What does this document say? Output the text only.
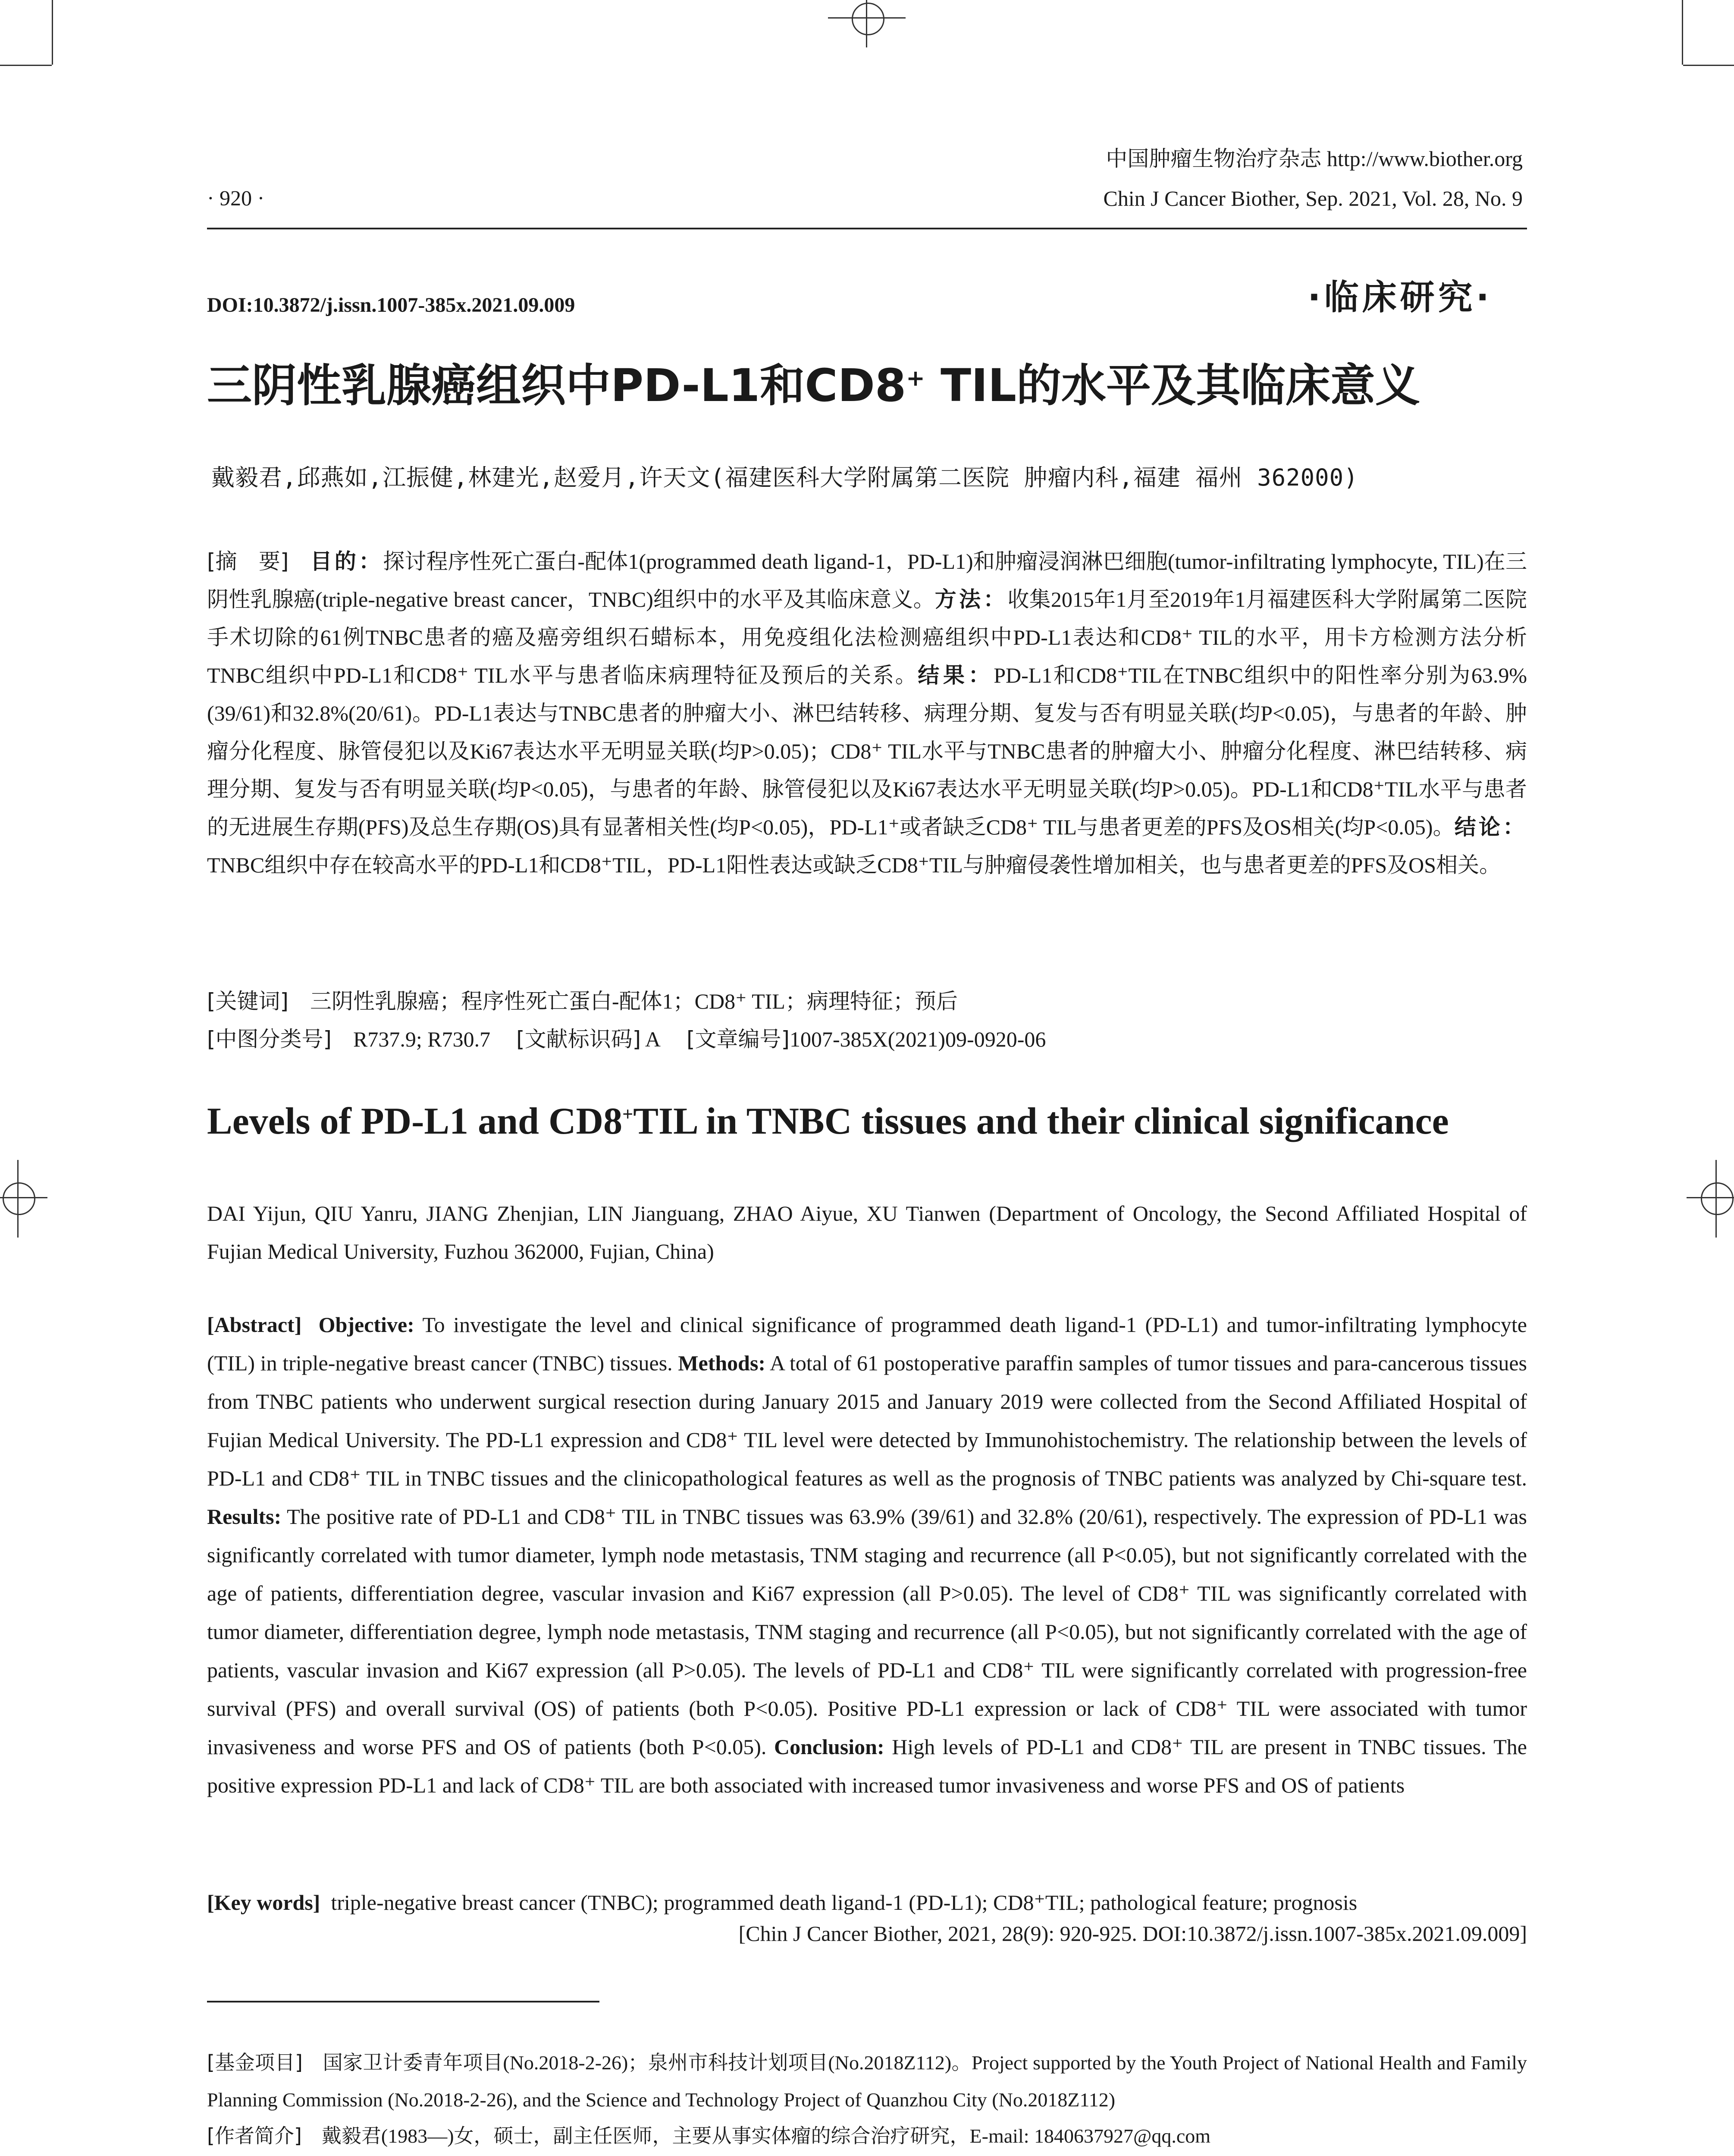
中国肿瘤生物治疗杂志 http://www.biother.org
Chin J Cancer Biother, Sep. 2021, Vol. 28, No. 9
· 920 ·
DOI:10.3872/j.issn.1007-385x.2021.09.009	·临床研究·
三阴性乳腺癌组织中PD-L1和CD8+ TIL的水平及其临床意义
戴毅君,邱燕如,江振健,林建光,赵爱月,许天文(福建医科大学附属第二医院 肿瘤内科,福建 福州 362000)
[摘　要]　 目的：探讨程序性死亡蛋白-配体1(programmed death ligand-1，PD-L1)和肿瘤浸润淋巴细胞(tumor-infiltrating lymphocyte, TIL)在三阴性乳腺癌(triple-negative breast cancer，TNBC)组织中的水平及其临床意义。方法：收集2015年1月至2019年1月福建医科大学附属第二医院手术切除的61例TNBC患者的癌及癌旁组织石蜡标本，用免疫组化法检测癌组织中PD-L1表达和CD8⁺ TIL的水平，用卡方检测方法分析TNBC组织中PD-L1和CD8⁺ TIL水平与患者临床病理特征及预后的关系。结果：PD-L1和CD8⁺TIL在TNBC组织中的阳性率分别为63.9%(39/61)和32.8%(20/61)。PD-L1表达与TNBC患者的肿瘤大小、淋巴结转移、病理分期、复发与否有明显关联(均P<0.05)，与患者的年龄、肿瘤分化程度、脉管侵犯以及Ki67表达水平无明显关联(均P>0.05)；CD8⁺ TIL水平与TNBC患者的肿瘤大小、肿瘤分化程度、淋巴结转移、病理分期、复发与否有明显关联(均P<0.05)，与患者的年龄、脉管侵犯以及Ki67表达水平无明显关联(均P>0.05)。PD-L1和CD8⁺TIL水平与患者的无进展生存期(PFS)及总生存期(OS)具有显著相关性(均P<0.05)，PD-L1⁺或者缺乏CD8⁺ TIL与患者更差的PFS及OS相关(均P<0.05)。结论：TNBC组织中存在较高水平的PD-L1和CD8⁺TIL，PD-L1阳性表达或缺乏CD8⁺TIL与肿瘤侵袭性增加相关，也与患者更差的PFS及OS相关。
[关键词]　 三阴性乳腺癌；程序性死亡蛋白-配体1；CD8⁺ TIL；病理特征；预后
[中图分类号]　 R737.9; R730.7 [文献标识码] A [文章编号]1007-385X(2021)09-0920-06
Levels of PD-L1 and CD8+TIL in TNBC tissues and their clinical significance
DAI Yijun, QIU Yanru, JIANG Zhenjian, LIN Jianguang, ZHAO Aiyue, XU Tianwen (Department of Oncology, the Second Affiliated Hospital of Fujian Medical University, Fuzhou 362000, Fujian, China)
[Abstract] Objective: To investigate the level and clinical significance of programmed death ligand-1 (PD-L1) and tumor-infiltrating lymphocyte (TIL) in triple-negative breast cancer (TNBC) tissues. Methods: A total of 61 postoperative paraffin samples of tumor tissues and para-cancerous tissues from TNBC patients who underwent surgical resection during January 2015 and January 2019 were collected from the Second Affiliated Hospital of Fujian Medical University. The PD-L1 expression and CD8⁺ TIL level were detected by Immunohistochemistry. The relationship between the levels of PD-L1 and CD8⁺ TIL in TNBC tissues and the clinicopathological features as well as the prognosis of TNBC patients was analyzed by Chi-square test. Results: The positive rate of PD-L1 and CD8⁺ TIL in TNBC tissues was 63.9% (39/61) and 32.8% (20/61), respectively. The expression of PD-L1 was significantly correlated with tumor diameter, lymph node metastasis, TNM staging and recurrence (all P<0.05), but not significantly correlated with the age of patients, differentiation degree, vascular invasion and Ki67 expression (all P>0.05). The level of CD8⁺ TIL was significantly correlated with tumor diameter, differentiation degree, lymph node metastasis, TNM staging and recurrence (all P<0.05), but not significantly correlated with the age of patients, vascular invasion and Ki67 expression (all P>0.05). The levels of PD-L1 and CD8⁺ TIL were significantly correlated with progression-free survival (PFS) and overall survival (OS) of patients (both P<0.05). Positive PD-L1 expression or lack of CD8⁺ TIL were associated with tumor invasiveness and worse PFS and OS of patients (both P<0.05). Conclusion: High levels of PD-L1 and CD8⁺ TIL are present in TNBC tissues. The positive expression PD-L1 and lack of CD8⁺ TIL are both associated with increased tumor invasiveness and worse PFS and OS of patients
[Key words] triple-negative breast cancer (TNBC); programmed death ligand-1 (PD-L1); CD8⁺TIL; pathological feature; prognosis
[Chin J Cancer Biother, 2021, 28(9): 920-925. DOI:10.3872/j.issn.1007-385x.2021.09.009]
[基金项目]　 国家卫计委青年项目(No.2018-2-26)；泉州市科技计划项目(No.2018Z112)。Project supported by the Youth Project of National Health and Family Planning Commission (No.2018-2-26), and the Science and Technology Project of Quanzhou City (No.2018Z112)
[作者简介]　 戴毅君(1983—)女，硕士，副主任医师，主要从事实体瘤的综合治疗研究，E-mail: 1840637927@qq.com
